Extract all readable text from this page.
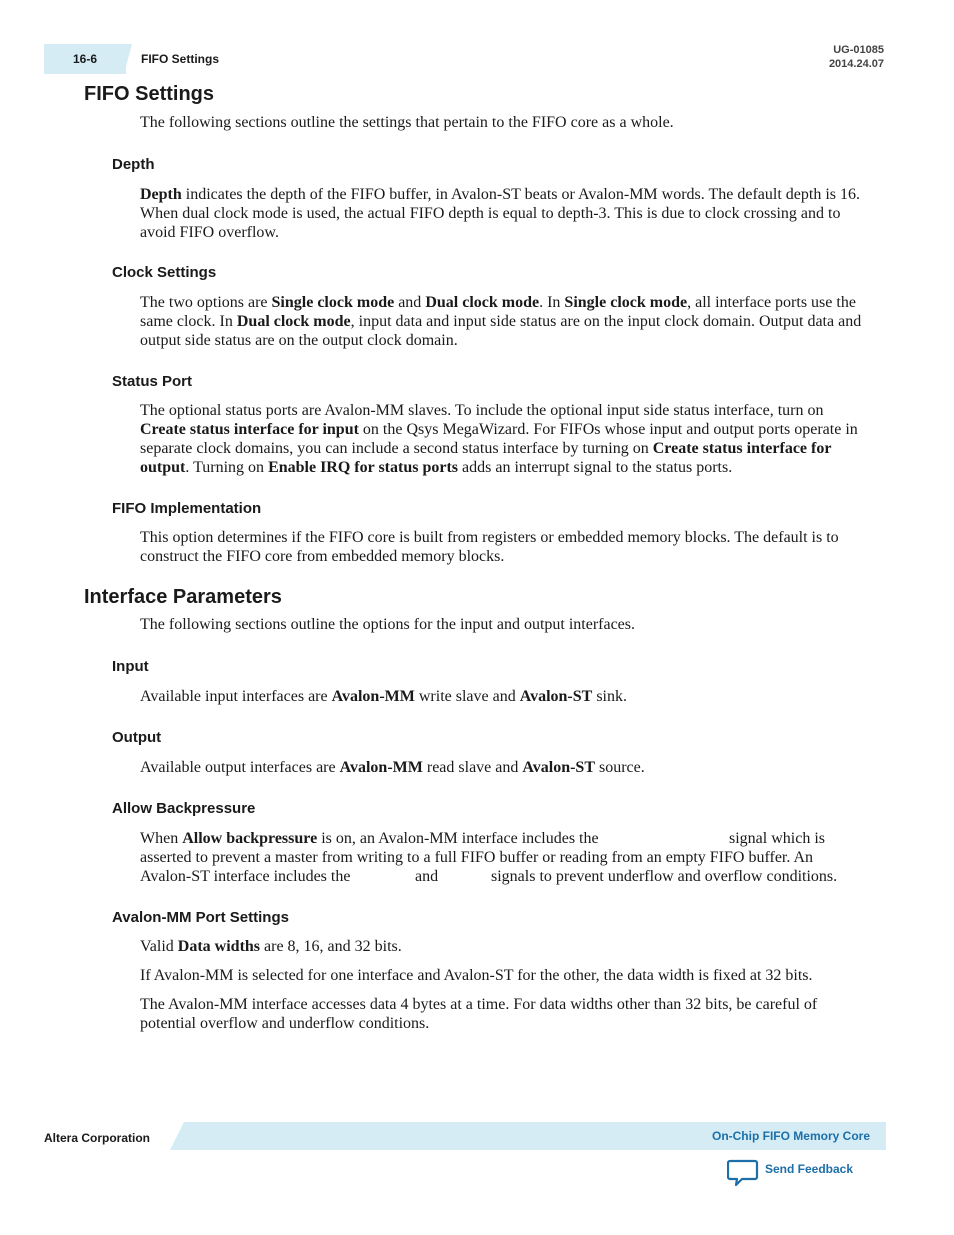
16-6	FIFO Settings
UG-01085
2014.24.07
FIFO Settings
The following sections outline the settings that pertain to the FIFO core as a whole.
Depth
Depth indicates the depth of the FIFO buffer, in Avalon-ST beats or Avalon-MM words. The default depth is 16. When dual clock mode is used, the actual FIFO depth is equal to depth-3. This is due to clock crossing and to avoid FIFO overflow.
Clock Settings
The two options are Single clock mode and Dual clock mode. In Single clock mode, all interface ports use the same clock. In Dual clock mode, input data and input side status are on the input clock domain. Output data and output side status are on the output clock domain.
Status Port
The optional status ports are Avalon-MM slaves. To include the optional input side status interface, turn on Create status interface for input on the Qsys MegaWizard. For FIFOs whose input and output ports operate in separate clock domains, you can include a second status interface by turning on Create status interface for output. Turning on Enable IRQ for status ports adds an interrupt signal to the status ports.
FIFO Implementation
This option determines if the FIFO core is built from registers or embedded memory blocks. The default is to construct the FIFO core from embedded memory blocks.
Interface Parameters
The following sections outline the options for the input and output interfaces.
Input
Available input interfaces are Avalon-MM write slave and Avalon-ST sink.
Output
Available output interfaces are Avalon-MM read slave and Avalon-ST source.
Allow Backpressure
When Allow backpressure is on, an Avalon-MM interface includes the	signal which is
asserted to prevent a master from writing to a full FIFO buffer or reading from an empty FIFO buffer. An
Avalon-ST interface includes the	and	signals to prevent underflow and overflow conditions.
Avalon-MM Port Settings
Valid Data widths are 8, 16, and 32 bits.
If Avalon-MM is selected for one interface and Avalon-ST for the other, the data width is fixed at 32 bits.
The Avalon-MM interface accesses data 4 bytes at a time. For data widths other than 32 bits, be careful of potential overflow and underflow conditions.
Altera Corporation	On-Chip FIFO Memory Core
Send Feedback
